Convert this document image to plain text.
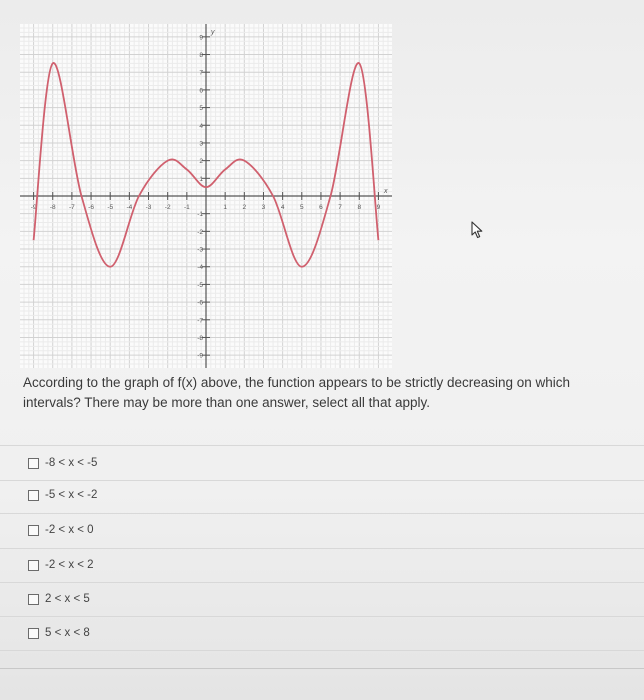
-9 -8 -7 -6 -5 -4 -3 -2 -1	1 2 3 4 5 6 7 8 9
9
8
7
6
5
4
3
2
1
-1
-2
-3
-4
-5
-6
-7
-8
-9
x
y

According to the graph of f(x) above, the function appears to be strictly decreasing on which intervals? There may be more than one answer, select all that apply.

-8 < x < -5
-5 < x < -2
-2 < x < 0
-2 < x < 2
2 < x < 5
5 < x < 8
